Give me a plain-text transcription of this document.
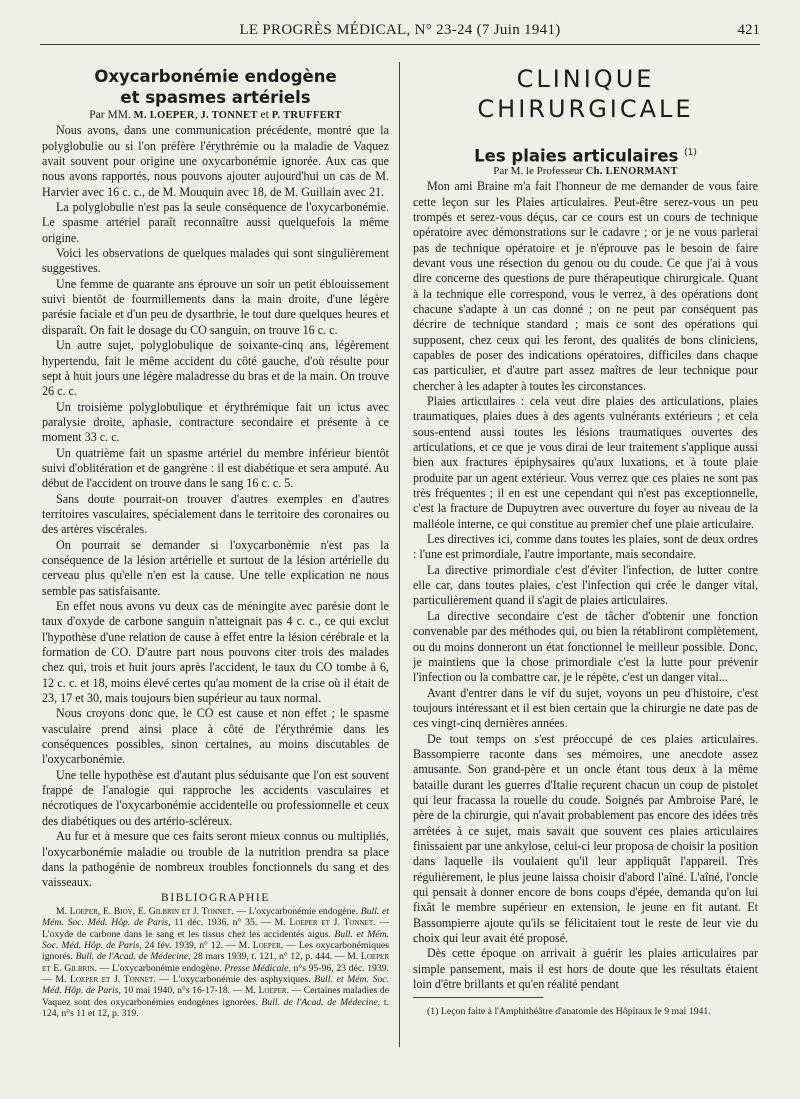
LE PROGRÈS MÉDICAL, N° 23-24 (7 Juin 1941)	421
Oxycarbonémie endogène
et spasmes artériels

Par MM. M. LOEPER, J. TONNET et P. TRUFFERT

Nous avons, dans une communication précédente, montré que la polyglobulie ou si l'on préfère l'érythrémie ou la maladie de Vaquez avait souvent pour origine une oxycarbonémie ignorée. Aux cas que nous avons rapportés, nous pouvons ajouter aujourd'hui un cas de M. Harvier avec 16 c. c., de M. Mouquin avec 18, de M. Guillain avec 21.

La polyglobulie n'est pas la seule conséquence de l'oxycarbonémie. Le spasme artériel paraît reconnaître aussi quelquefois la même origine.

Voici les observations de quelques malades qui sont singulièrement suggestives.

Une femme de quarante ans éprouve un soir un petit éblouissement suivi bientôt de fourmillements dans la main droite, d'une légère parésie faciale et d'un peu de dysarthrie, le tout dure quelques heures et disparaît. On fait le dosage du CO sanguin, on trouve 16 c. c.

Un autre sujet, polyglobulique de soixante-cinq ans, légèrement hypertendu, fait le même accident du côté gauche, d'où résulte pour sept à huit jours une légère maladresse du bras et de la main. On trouve 26 c. c.

Un troisième polyglobulique et érythrémique fait un ictus avec paralysie droite, aphasie, contracture secondaire et présente à ce moment 33 c. c.

Un quatrième fait un spasme artériel du membre inférieur bientôt suivi d'oblitération et de gangrène : il est diabétique et sera amputé. Au début de l'accident on trouve dans le sang 16 c. c. 5.

Sans doute pourrait-on trouver d'autres exemples en d'autres territoires vasculaires, spécialement dans le territoire des coronaires ou des artères viscérales.

On pourrait se demander si l'oxycarbonémie n'est pas la conséquence de la lésion artérielle et surtout de la lésion artérielle du cerveau plus qu'elle n'en est la cause. Une telle explication ne nous semble pas satisfaisante.

En effet nous avons vu deux cas de méningite avec parésie dont le taux d'oxyde de carbone sanguin n'atteignait pas 4 c. c., ce qui exclut l'hypothèse d'une relation de cause à effet entre la lésion cérébrale et la formation de CO. D'autre part nous pouvons citer trois des malades chez qui, trois et huit jours après l'accident, le taux du CO tombe à 6, 12 c. c. et 18, moins élevé certes qu'au moment de la crise où il était de 23, 17 et 30, mais toujours bien supérieur au taux normal.

Nous croyons donc que, le CO est cause et non effet ; le spasme vasculaire prend ainsi place à côté de l'érythrémie dans les conséquences possibles, sinon certaines, au moins discutables de l'oxycarbonémie.

Une telle hypothèse est d'autant plus séduisante que l'on est souvent frappé de l'analogie qui rapproche les accidents vasculaires et nécrotiques de l'oxycarbonémie accidentelle ou professionnelle et ceux des diabétiques ou des artério-scléreux.

Au fur et à mesure que ces faits seront mieux connus ou multipliés, l'oxycarbonémie maladie ou trouble de la nutrition prendra sa place dans la pathogénie de nombreux troubles fonctionnels du sang et des vaisseaux.

BIBLIOGRAPHIE

M. Loeper, E. Bioy, E. Gilbrin et J. Tonnet. — L'oxycarbonémie endogène. Bull. et Mém. Soc. Méd. Hôp. de Paris, 11 déc. 1936, n° 35. — M. Loeper et J. Tonnet. — L'oxyde de carbone dans le sang et les tissus chez les accidentés aigus. Bull. et Mém. Soc. Méd. Hôp. de Paris, 24 fév. 1939, n° 12. — M. Loeper. — Les oxycarbonémiques ignorés. Bull. de l'Acad. de Médecine, 28 mars 1939, t. 121, n° 12, p. 444. — M. Loeper et E. Gilbrin. — L'oxycarbonémie endogène. Presse Médicale, n°s 95-96, 23 déc. 1939. — M. Loeper et J. Tonnet. — L'oxycarbonémie des asphyxiques. Bull. et Mém. Soc. Méd. Hôp. de Paris, 10 mai 1940, n°s 16-17-18. — M. Loeper. — Certaines maladies de Vaquez sont des oxycarbonémies endogènes ignorées. Bull. de l'Acad. de Médecine, t. 124, n°s 11 et 12, p. 319.

CLINIQUE CHIRURGICALE
Les plaies articulaires $^{(1)}$

Par M. le Professeur Ch. LENORMANT

Mon ami Braine m'a fait l'honneur de me demander de vous faire cette leçon sur les Plaies articulaires. Peut-être serez-vous un peu trompés et serez-vous déçus, car ce cours est un cours de technique opératoire avec démonstrations sur le cadavre ; or je ne vous parlerai pas de technique opératoire et je n'éprouve pas le besoin de faire devant vous une résection du genou ou du coude. Ce que j'ai à vous dire concerne des questions de pure thérapeutique chirurgicale. Quant à la technique elle correspond, vous le verrez, à des opérations dont chacune s'adapte à un cas donné ; on ne peut par conséquent pas décrire de technique standard ; mais ce sont des opérations qui supposent, chez ceux qui les feront, des qualités de bons cliniciens, capables de poser des indications opératoires, difficiles dans chaque cas particulier, et d'autre part assez maîtres de leur technique pour chercher à les adapter à toutes les circonstances.

Plaies articulaires : cela veut dire plaies des articulations, plaies traumatiques, plaies dues à des agents vulnérants extérieurs ; et cela sous-entend aussi toutes les lésions traumatiques ouvertes des articulations, et ce que je vous dirai de leur traitement s'applique aussi bien aux fractures épiphysaires qu'aux luxations, et à toute plaie produite par un agent extérieur. Vous verrez que ces plaies ne sont pas très fréquentes ; il en est une cependant qui n'est pas exceptionnelle, c'est la fracture de Dupuytren avec ouverture du foyer au niveau de la malléole interne, ce qui constitue au premier chef une plaie articulaire.

Les directives ici, comme dans toutes les plaies, sont de deux ordres : l'une est primordiale, l'autre importante, mais secondaire.

La directive primordiale c'est d'éviter l'infection, de lutter contre elle car, dans toutes plaies, c'est l'infection qui crée le danger vital, particulièrement quand il s'agit de plaies articulaires.

La directive secondaire c'est de tâcher d'obtenir une fonction convenable par des méthodes qui, ou bien la rétabliront complètement, ou du moins donneront un état fonctionnel le meilleur possible. Donc, je maintiens que la chose primordiale c'est la lutte pour prévenir l'infection ou la combattre car, je le répète, c'est un danger vital...

Avant d'entrer dans le vif du sujet, voyons un peu d'histoire, c'est toujours intéressant et il est bien certain que la chirurgie ne date pas de ces vingt-cinq dernières années.

De tout temps on s'est préoccupé de ces plaies articulaires. Bassompierre raconte dans ses mémoires, une anecdote assez amusante. Son grand-père et un oncle étant tous deux à la même bataille durant les guerres d'Italie reçurent chacun un coup de pistolet qui leur fracassa la rouelle du coude. Soignés par Ambroise Paré, le père de la chirurgie, qui n'avait probablement pas encore des idées très arrêtées à ce sujet, mais savait que souvent ces plaies articulaires finissaient par une ankylose, celui-ci leur proposa de choisir la position dans laquelle ils voulaient qu'il leur appliquât l'appareil. Très régulièrement, le plus jeune laissa choisir d'abord l'aîné. L'aîné, l'oncle qui pensait à donner encore de bons coups d'épée, demanda qu'on lui fixât le membre supérieur en extension, le jeune en fit autant. Et Bassompierre ajoute qu'ils se félicitaient tout le reste de leur vie du choix qui leur avait été proposé.

Dès cette époque on arrivait à guérir les plaies articulaires par simple pansement, mais il est hors de doute que les résultats étaient loin d'être brillants et qu'en réalité pendant

(1) Leçon faite à l'Amphithéâtre d'anatomie des Hôpitaux le 9 mai 1941.
